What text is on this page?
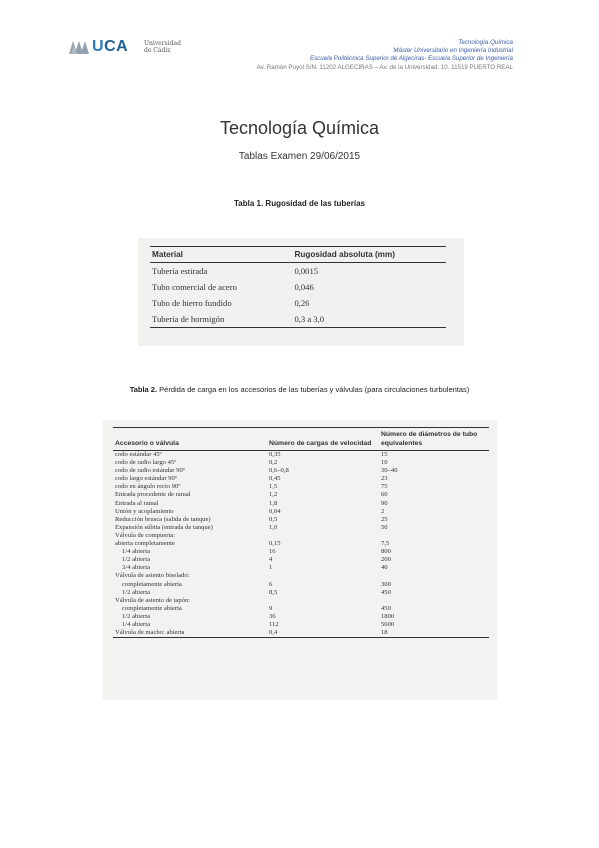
UCA	Universidad
de Cádiz
Tecnología Química
Máster Universitario en Ingeniería Industrial
Escuela Politécnica Superior de Algeciras- Escuela Superior de Ingeniería
Av. Ramón Puyol S/N. 11202 ALGECIRAS – Av. de la Universidad, 10. 11519 PUERTO REAL
Tecnología Química
Tablas Examen 29/06/2015
Tabla 1. Rugosidad de las tuberías
Material	Rugosidad absoluta (mm)
Tubería estirada	0,0015
Tubo comercial de acero	0,046
Tubo de hierro fundido	0,26
Tubería de hormigón	0,3 a 3,0
Tabla 2. Pérdida de carga en los accesorios de las tuberías y válvulas (para circulaciones turbulentas)
Accesorio o válvula	Número de cargas de velocidad	Número de diámetros de tubo equivalentes
codo estándar 45º	0,35	15
codo de radio largo 45º	0,2	10
codo de radio estándar 90º	0,6–0,8	30–40
codo largo estándar 90º	0,45	23
codo en ángulo recto 90º	1,5	75
Entrada procedente de ramal	1,2	60
Entrada al ramal	1,8	90
Unión y acoplamiento	0,04	2
Reducción brusca (salida de tanque)	0,5	25
Expansión súbita (entrada de tanque)	1,0	50
Válvula de compuerta:		
abierta completamente	0,15	7,5
1/4 abierta	16	800
1/2 abierta	4	200
3/4 abierta	1	40
Válvula de asiento biselado:		
completamente abierta	6	300
1/2 abierta	8,5	450
Válvula de asiento de tapón:		
completamente abierta	9	450
1/2 abierta	36	1800
1/4 abierta	112	5600
Válvula de macho: abierta	0,4	18
